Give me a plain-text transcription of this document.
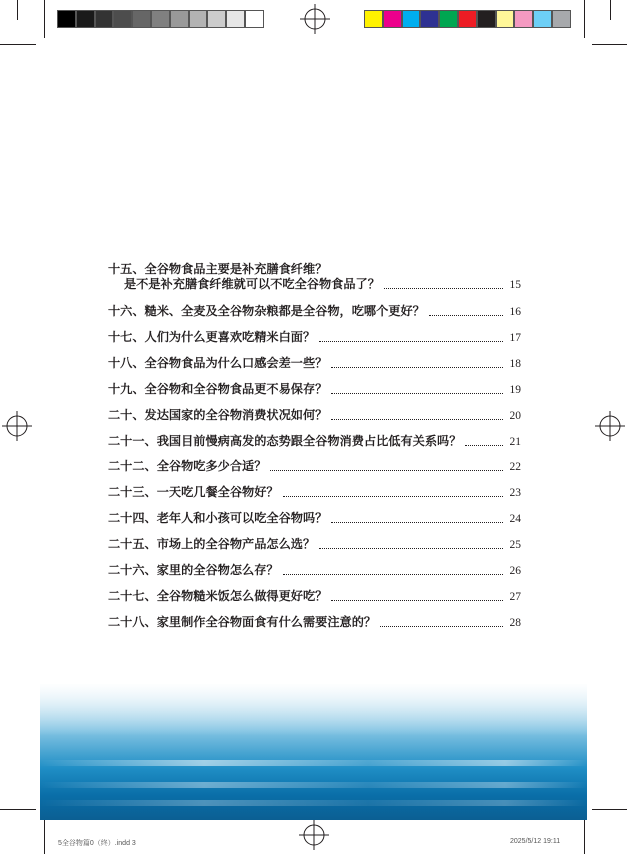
十五、全谷物食品主要是补充膳食纤维？
是不是补充膳食纤维就可以不吃全谷物食品了？	15
十六、糙米、全麦及全谷物杂粮都是全谷物，吃哪个更好？	16
十七、人们为什么更喜欢吃精米白面？	17
十八、全谷物食品为什么口感会差一些？	18
十九、全谷物和全谷物食品更不易保存？	19
二十、发达国家的全谷物消费状况如何？	20
二十一、我国目前慢病高发的态势跟全谷物消费占比低有关系吗？	21
二十二、全谷物吃多少合适？	22
二十三、一天吃几餐全谷物好？	23
二十四、老年人和小孩可以吃全谷物吗？	24
二十五、市场上的全谷物产品怎么选？	25
二十六、家里的全谷物怎么存？	26
二十七、全谷物糙米饭怎么做得更好吃？	27
二十八、家里制作全谷物面食有什么需要注意的？	28
5全谷物篇0（终）.indd 3	2025/5/12 19:11
